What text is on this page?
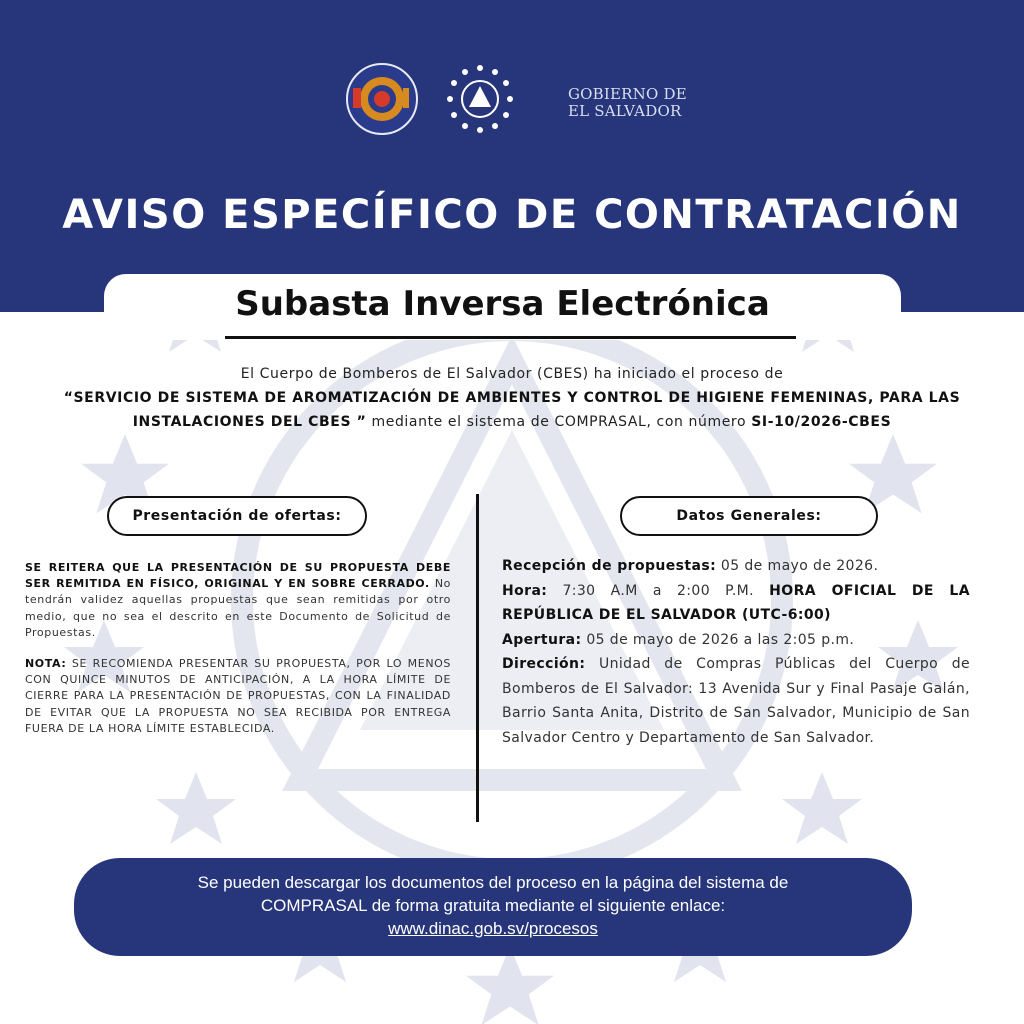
GOBIERNO DE
EL SALVADOR
AVISO ESPECÍFICO DE CONTRATACIÓN
Subasta Inversa Electrónica
El Cuerpo de Bomberos de El Salvador (CBES) ha iniciado el proceso de
“SERVICIO DE SISTEMA DE AROMATIZACIÓN DE AMBIENTES Y CONTROL DE HIGIENE FEMENINAS, PARA LAS INSTALACIONES DEL CBES ” mediante el sistema de COMPRASAL, con número SI-10/2026-CBES
Presentación de ofertas:	Datos Generales:

SE REITERA QUE LA PRESENTACIÓN DE SU PROPUESTA DEBE SER REMITIDA EN FÍSICO, ORIGINAL Y EN SOBRE CERRADO. No tendrán validez aquellas propuestas que sean remitidas por otro medio, que no sea el descrito en este Documento de Solicitud de Propuestas.

NOTA: SE RECOMIENDA PRESENTAR SU PROPUESTA, POR LO MENOS CON QUINCE MINUTOS DE ANTICIPACIÓN, A LA HORA LÍMITE DE CIERRE PARA LA PRESENTACIÓN DE PROPUESTAS, CON LA FINALIDAD DE EVITAR QUE LA PROPUESTA NO SEA RECIBIDA POR ENTREGA FUERA DE LA HORA LÍMITE ESTABLECIDA.

Recepción de propuestas: 05 de mayo de 2026.

Hora: 7:30 A.M a 2:00 P.M. HORA OFICIAL DE LA REPÚBLICA DE EL SALVADOR (UTC-6:00)

Apertura: 05 de mayo de 2026 a las 2:05 p.m.

Dirección: Unidad de Compras Públicas del Cuerpo de Bomberos de El Salvador: 13 Avenida Sur y Final Pasaje Galán, Barrio Santa Anita, Distrito de San Salvador, Municipio de San Salvador Centro y Departamento de San Salvador.

Se pueden descargar los documentos del proceso en la página del sistema de
COMPRASAL de forma gratuita mediante el siguiente enlace:
www.dinac.gob.sv/procesos
